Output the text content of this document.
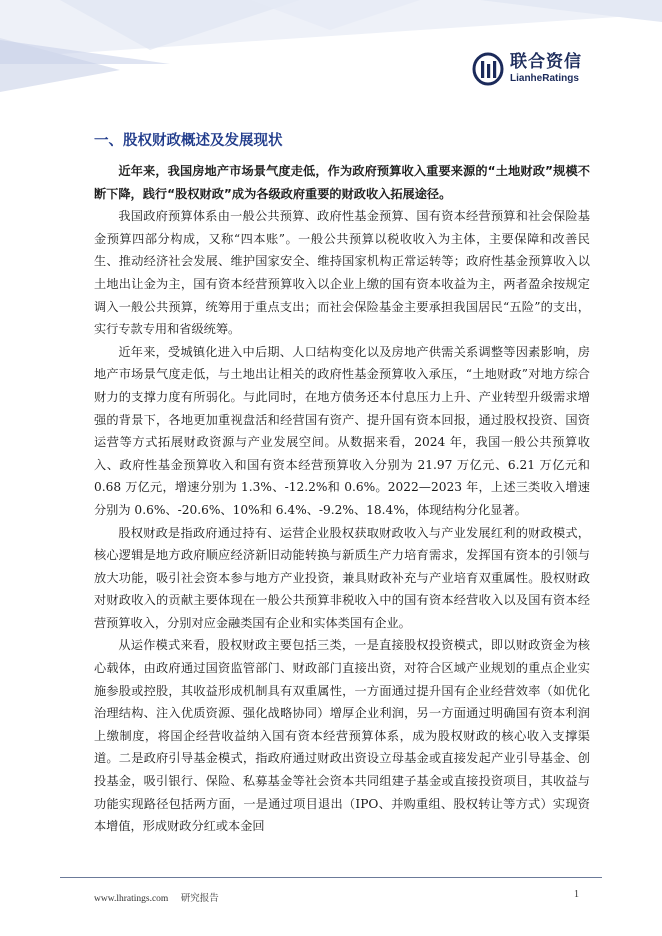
联合资信
LianheRatings
一、股权财政概述及发展现状

近年来，我国房地产市场景气度走低，作为政府预算收入重要来源的“土地财政”规模不断下降，践行“股权财政”成为各级政府重要的财政收入拓展途径。

我国政府预算体系由一般公共预算、政府性基金预算、国有资本经营预算和社会保险基金预算四部分构成，又称“四本账”。一般公共预算以税收收入为主体，主要保障和改善民生、推动经济社会发展、维护国家安全、维持国家机构正常运转等；政府性基金预算收入以土地出让金为主，国有资本经营预算收入以企业上缴的国有资本收益为主，两者盈余按规定调入一般公共预算，统筹用于重点支出；而社会保险基金主要承担我国居民“五险”的支出，实行专款专用和省级统筹。

近年来，受城镇化进入中后期、人口结构变化以及房地产供需关系调整等因素影响，房地产市场景气度走低，与土地出让相关的政府性基金预算收入承压，“土地财政”对地方综合财力的支撑力度有所弱化。与此同时，在地方债务还本付息压力上升、产业转型升级需求增强的背景下，各地更加重视盘活和经营国有资产、提升国有资本回报，通过股权投资、国资运营等方式拓展财政资源与产业发展空间。从数据来看，2024 年，我国一般公共预算收入、政府性基金预算收入和国有资本经营预算收入分别为 21.97 万亿元、6.21 万亿元和 0.68 万亿元，增速分别为 1.3%、-12.2%和 0.6%。2022—2023 年，上述三类收入增速分别为 0.6%、-20.6%、10%和 6.4%、-9.2%、18.4%，体现结构分化显著。

股权财政是指政府通过持有、运营企业股权获取财政收入与产业发展红利的财政模式，核心逻辑是地方政府顺应经济新旧动能转换与新质生产力培育需求，发挥国有资本的引领与放大功能，吸引社会资本参与地方产业投资，兼具财政补充与产业培育双重属性。股权财政对财政收入的贡献主要体现在一般公共预算非税收入中的国有资本经营收入以及国有资本经营预算收入，分别对应金融类国有企业和实体类国有企业。

从运作模式来看，股权财政主要包括三类，一是直接股权投资模式，即以财政资金为核心载体，由政府通过国资监管部门、财政部门直接出资，对符合区域产业规划的重点企业实施参股或控股，其收益形成机制具有双重属性，一方面通过提升国有企业经营效率（如优化治理结构、注入优质资源、强化战略协同）增厚企业利润，另一方面通过明确国有资本利润上缴制度，将国企经营收益纳入国有资本经营预算体系，成为股权财政的核心收入支撑渠道。二是政府引导基金模式，指政府通过财政出资设立母基金或直接发起产业引导基金、创投基金，吸引银行、保险、私募基金等社会资本共同组建子基金或直接投资项目，其收益与功能实现路径包括两方面，一是通过项目退出（IPO、并购重组、股权转让等方式）实现资本增值，形成财政分红或本金回

www.lhratings.com 研究报告	1
